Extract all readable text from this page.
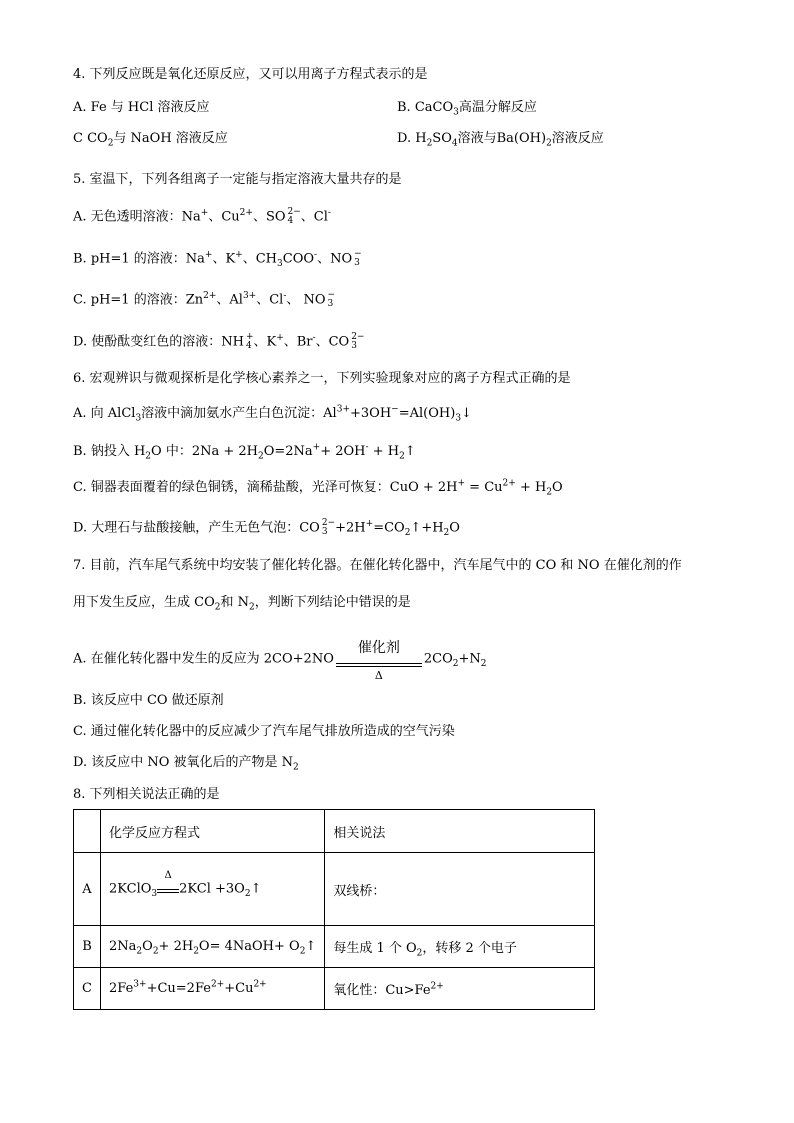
4. 下列反应既是氧化还原反应，又可以用离子方程式表示的是
A. Fe 与 HCl 溶液反应	B. CaCO$_3$高温分解反应
C $CO_2$与 NaOH 溶液反应	D. $H_2SO_4$溶液与$Ba(OH)_2$溶液反应
5. 室温下，下列各组离子一定能与指定溶液大量共存的是
A. 无色透明溶液：Na+、$Cu^{2+}$、SO 2−
4 、Cl-
B. pH=1 的溶液：Na+、K+、$CH_3COO^-$、NO −
3
C. pH=1 的溶液：$Zn^{2+}$、$Al^{3+}$、Cl-、 NO −
3
D. 使酚酞变红色的溶液：NH +
4 、K+、Br-、CO 2−
3
6. 宏观辨识与微观探析是化学核心素养之一，下列实验现象对应的离子方程式正确的是
A. 向 AlCl$_3$溶液中滴加氨水产生白色沉淀：$Al^{3+}+3OH^-=Al(OH)_3↓$
B. 钠投入 $H_2O$ 中：$2Na + 2H_2O=2Na^++ 2OH^-$ + $H_2↑$
C. 铜器表面覆着的绿色铜锈，滴稀盐酸，光泽可恢复：CuO + $2H^+ = Cu^{2+} + H_2O$
D. 大理石与盐酸接触，产生无色气泡：CO 2−
$3 +2H^+=CO_2↑+H_2O$
7. 目前，汽车尾气系统中均安装了催化转化器。在催化转化器中，汽车尾气中的 CO 和 NO 在催化剂的作
用下发生反应，生成 $CO_2$和 $N_2$，判断下列结论中错误的是
A. 在催化转化器中发生的反应为 2CO+2NO
催化剂
Δ
$2CO_2+N_2$
B. 该反应中 CO 做还原剂
C. 通过催化转化器中的反应减少了汽车尾气排放所造成的空气污染
D. 该反应中 NO 被氧化后的产物是 $N_2$
8. 下列相关说法正确的是
	化学反应方程式	相关说法
A	2KClO$_3$
Δ
$2KCl +3O_2↑$	双线桥：
B	$2Na_2O_2+ 2H_2O=$ 4NaOH+ $O_2↑$	每生成 1 个 $O_2$，转移 2 个电子
C	$2Fe^{3+}+Cu=2Fe^{2+}+Cu^{2+}$	氧化性：$Cu>Fe^{2+}$
